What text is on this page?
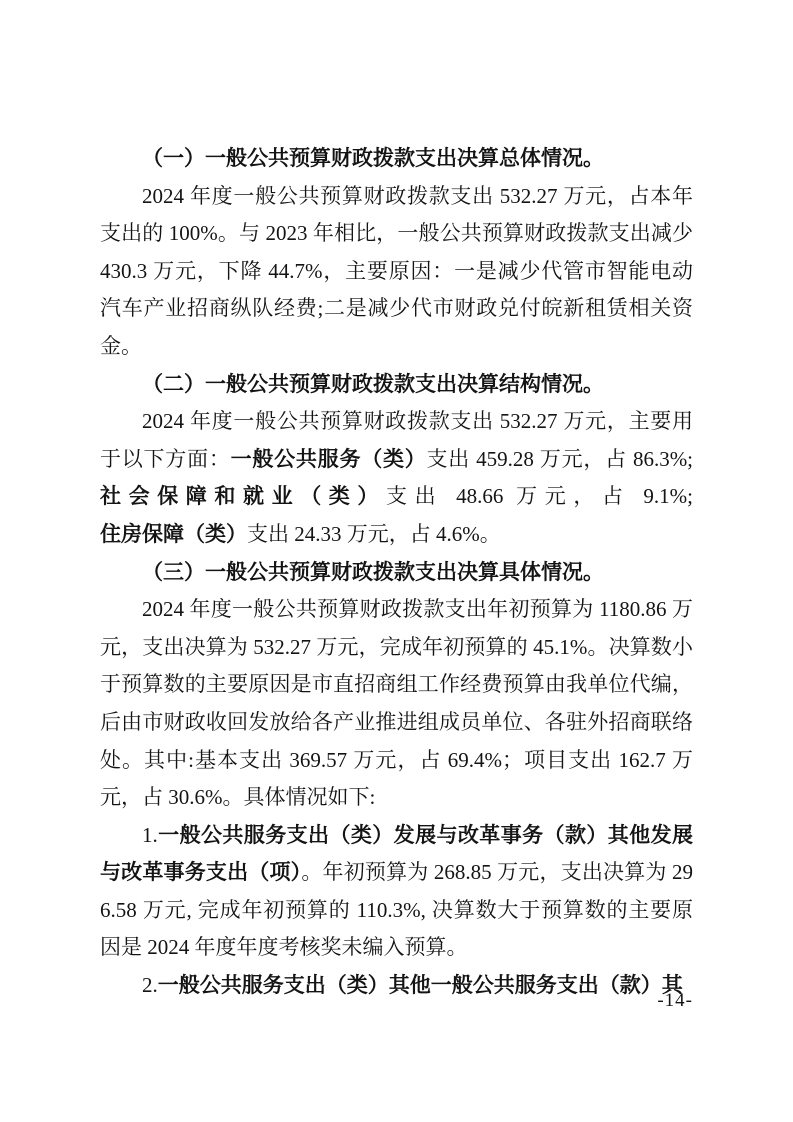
（一）一般公共预算财政拨款支出决算总体情况。

2024 年度一般公共预算财政拨款支出 532.27 万元，占本年支出的 100%。与 2023 年相比，一般公共预算财政拨款支出减少 430.3 万元，下降 44.7%，主要原因：一是减少代管市智能电动汽车产业招商纵队经费;二是减少代市财政兑付皖新租赁相关资金。

（二）一般公共预算财政拨款支出决算结构情况。

2024 年度一般公共预算财政拨款支出 532.27 万元，主要用于以下方面：一般公共服务（类）支出 459.28 万元，占 86.3%;社会保障和就业（类）支出 48.66 万元，占 9.1%; 住房保障（类）支出 24.33 万元，占 4.6%。

（三）一般公共预算财政拨款支出决算具体情况。

2024 年度一般公共预算财政拨款支出年初预算为 1180.86 万元，支出决算为 532.27 万元，完成年初预算的 45.1%。决算数小于预算数的主要原因是市直招商组工作经费预算由我单位代编，后由市财政收回发放给各产业推进组成员单位、各驻外招商联络处。其中:基本支出 369.57 万元，占 69.4%；项目支出 162.7 万元，占 30.6%。具体情况如下:

1.一般公共服务支出（类）发展与改革事务（款）其他发展与改革事务支出（项）。年初预算为 268.85 万元，支出决算为 296.58 万元, 完成年初预算的 110.3%, 决算数大于预算数的主要原因是 2024 年度年度考核奖未编入预算。

2.一般公共服务支出（类）其他一般公共服务支出（款）其

-14-
